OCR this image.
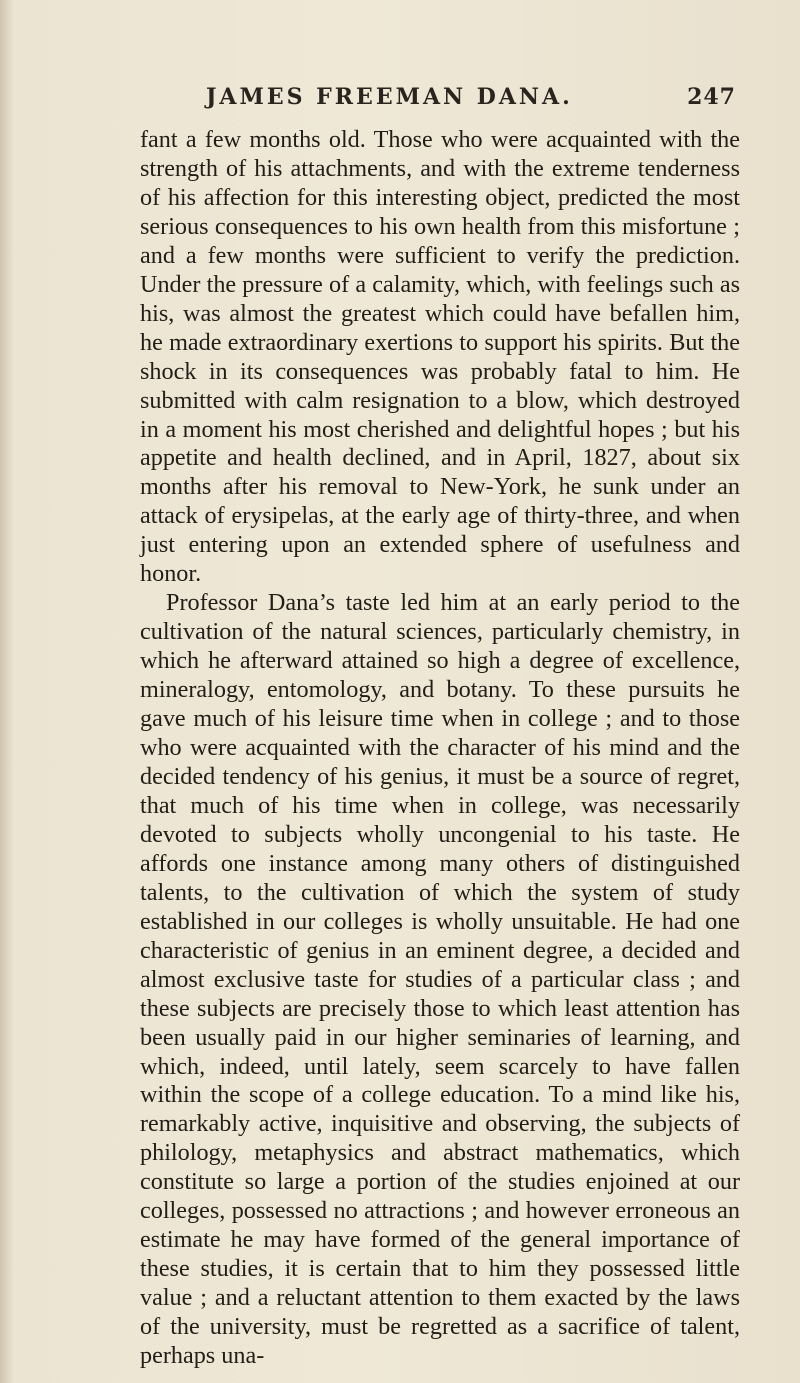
JAMES FREEMAN DANA.	247

fant a few months old. Those who were acquainted with the strength of his attachments, and with the extreme tenderness of his affection for this interesting object, predicted the most serious consequences to his own health from this misfortune ; and a few months were sufficient to verify the prediction. Under the pressure of a calamity, which, with feelings such as his, was almost the greatest which could have befallen him, he made extraordinary exertions to support his spirits. But the shock in its consequences was probably fatal to him. He submitted with calm resignation to a blow, which destroyed in a moment his most cherished and delightful hopes ; but his appetite and health declined, and in April, 1827, about six months after his removal to New-York, he sunk under an attack of erysipelas, at the early age of thirty-three, and when just entering upon an extended sphere of usefulness and honor.

Professor Dana’s taste led him at an early period to the cultivation of the natural sciences, particularly chemistry, in which he afterward attained so high a degree of excellence, mineralogy, entomology, and botany. To these pursuits he gave much of his leisure time when in college ; and to those who were acquainted with the character of his mind and the decided tendency of his genius, it must be a source of regret, that much of his time when in college, was necessarily devoted to subjects wholly uncongenial to his taste. He affords one instance among many others of distinguished talents, to the cultivation of which the system of study established in our colleges is wholly unsuitable. He had one characteristic of genius in an eminent degree, a decided and almost exclusive taste for studies of a particular class ; and these subjects are precisely those to which least attention has been usually paid in our higher seminaries of learning, and which, indeed, until lately, seem scarcely to have fallen within the scope of a college education. To a mind like his, remarkably active, inquisitive and observing, the subjects of philology, metaphysics and abstract mathematics, which constitute so large a portion of the studies enjoined at our colleges, possessed no attractions ; and however erroneous an estimate he may have formed of the general importance of these studies, it is certain that to him they possessed little value ; and a reluctant attention to them exacted by the laws of the university, must be regretted as a sacrifice of talent, perhaps una-
